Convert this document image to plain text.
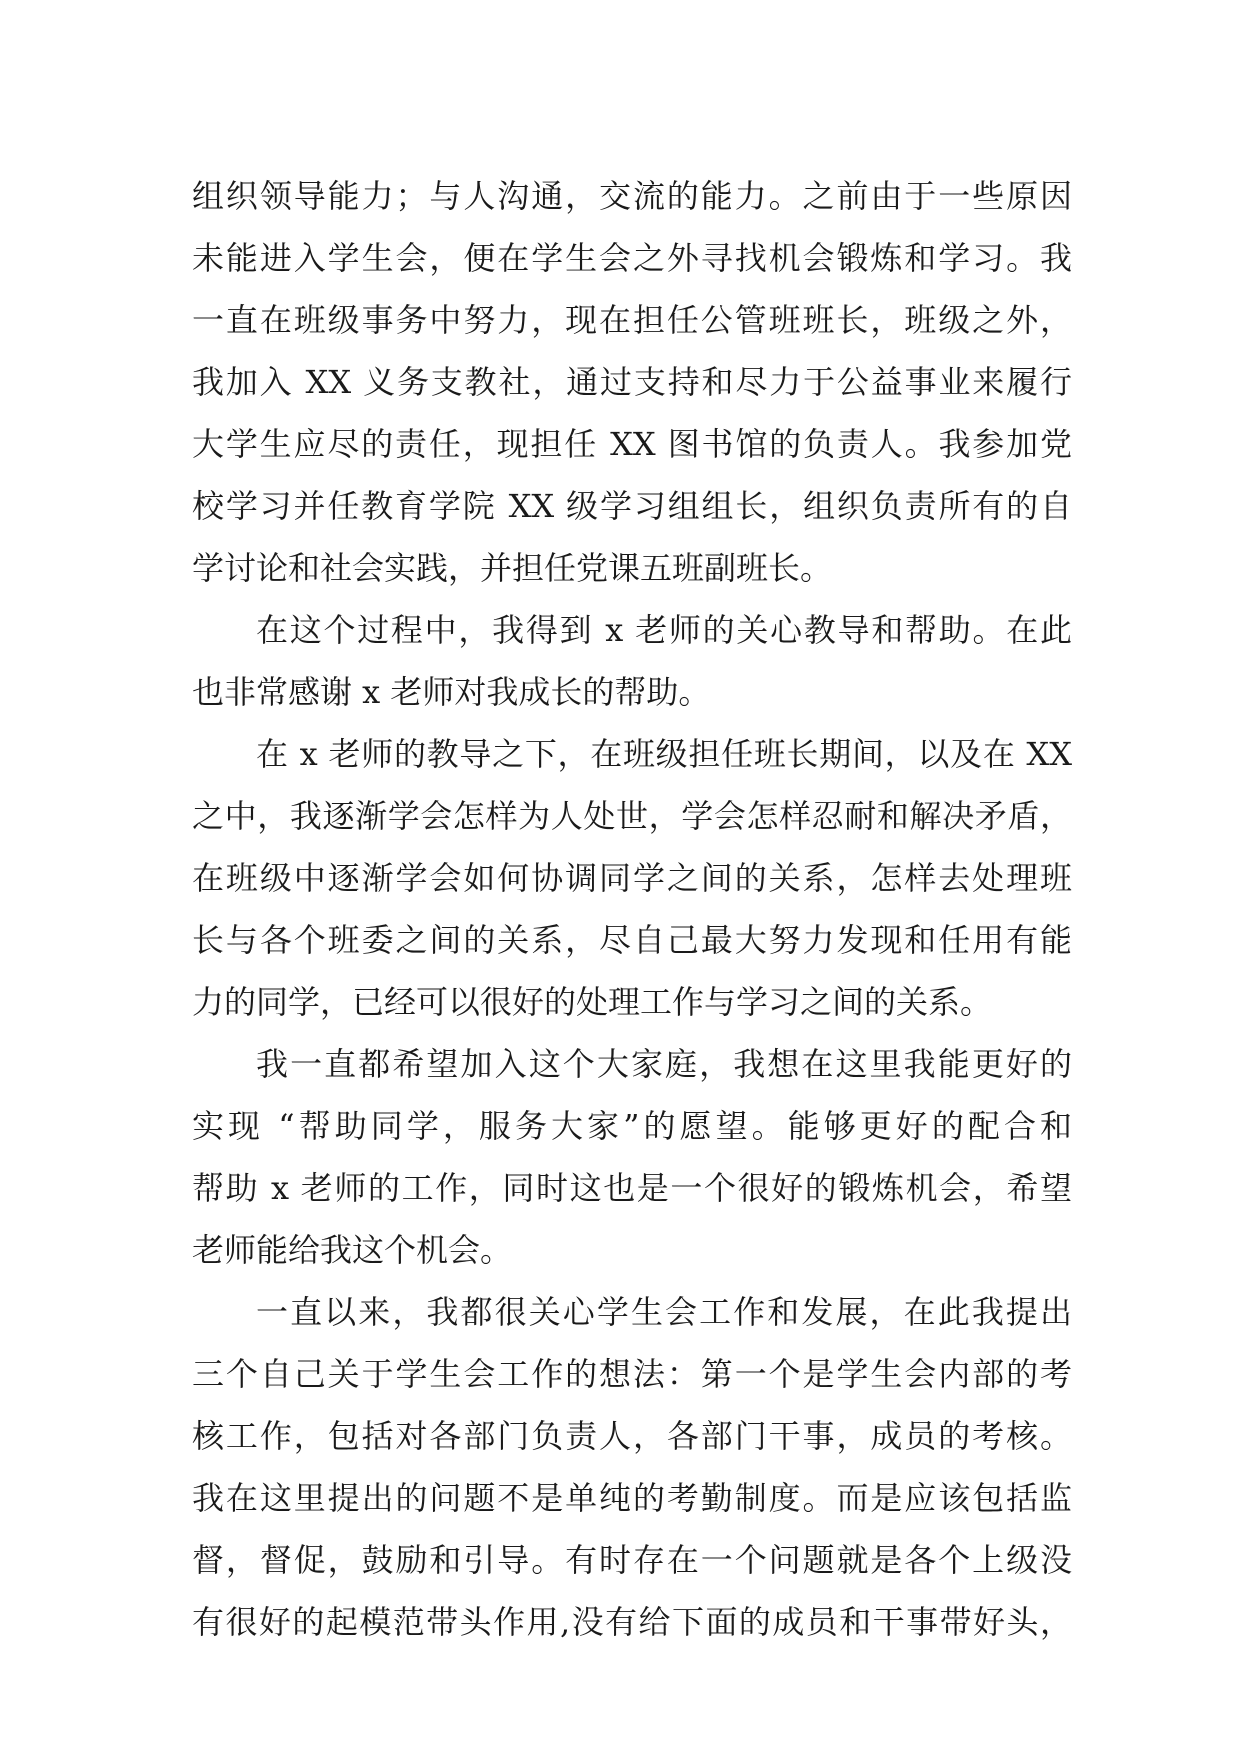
组织领导能力；与人沟通，交流的能力。之前由于一些原因
未能进入学生会，便在学生会之外寻找机会锻炼和学习。我
一直在班级事务中努力，现在担任公管班班长，班级之外，
我加入 XX 义务支教社，通过支持和尽力于公益事业来履行
大学生应尽的责任，现担任 XX 图书馆的负责人。我参加党
校学习并任教育学院 XX 级学习组组长，组织负责所有的自
学讨论和社会实践，并担任党课五班副班长。
在这个过程中，我得到 x 老师的关心教导和帮助。在此
也非常感谢 x 老师对我成长的帮助。
在 x 老师的教导之下，在班级担任班长期间，以及在 XX
之中，我逐渐学会怎样为人处世，学会怎样忍耐和解决矛盾，
在班级中逐渐学会如何协调同学之间的关系，怎样去处理班
长与各个班委之间的关系，尽自己最大努力发现和任用有能
力的同学，已经可以很好的处理工作与学习之间的关系。
我一直都希望加入这个大家庭，我想在这里我能更好的
实现 “帮助同学，服务大家”的愿望。能够更好的配合和
帮助 x 老师的工作，同时这也是一个很好的锻炼机会，希望
老师能给我这个机会。
一直以来，我都很关心学生会工作和发展，在此我提出
三个自己关于学生会工作的想法：第一个是学生会内部的考
核工作，包括对各部门负责人，各部门干事，成员的考核。
我在这里提出的问题不是单纯的考勤制度。而是应该包括监
督，督促，鼓励和引导。有时存在一个问题就是各个上级没
有很好的起模范带头作用,没有给下面的成员和干事带好头，
